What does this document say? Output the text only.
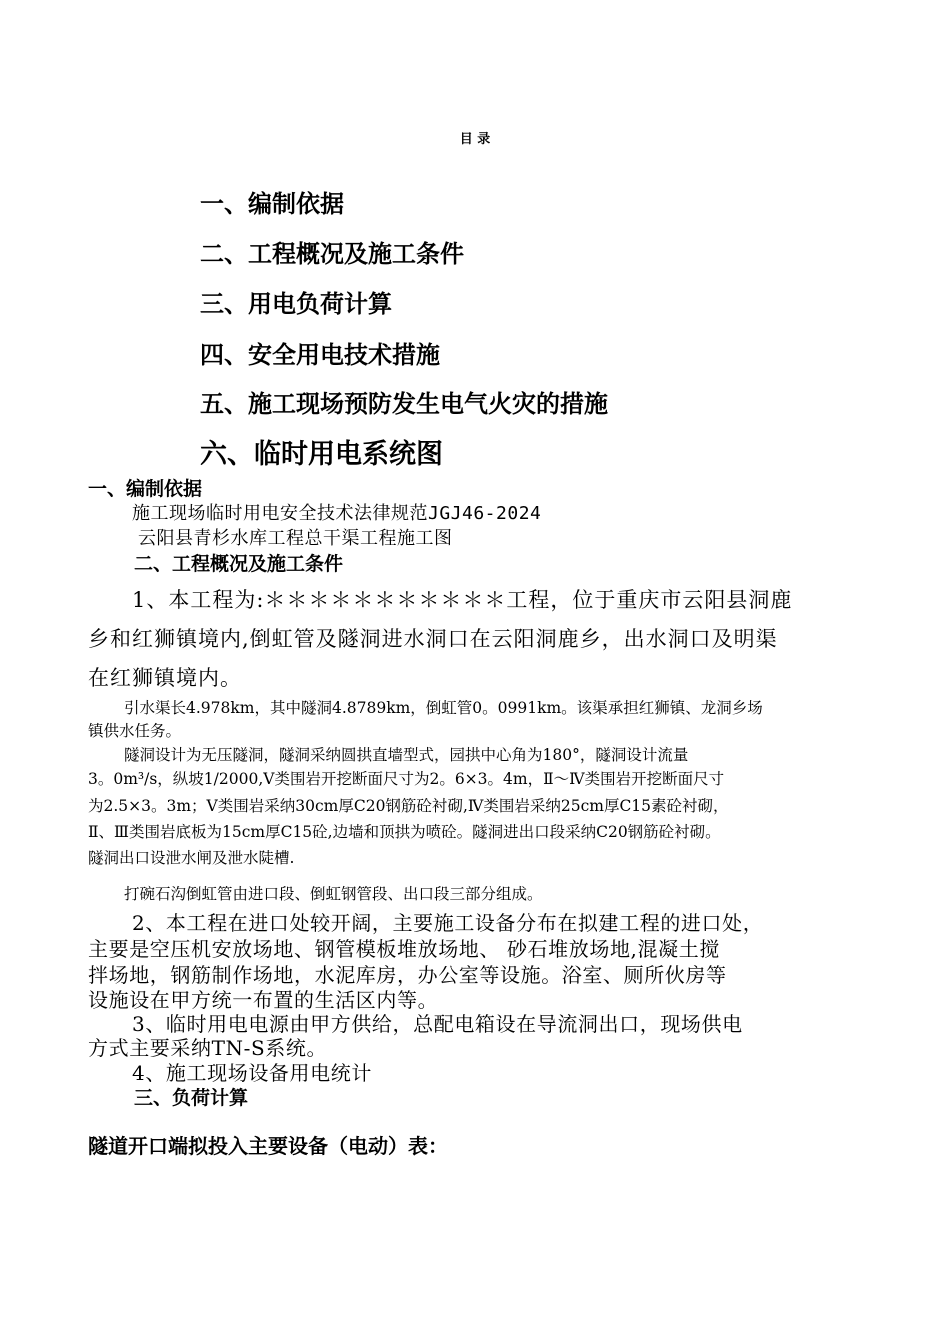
目 录
一、编制依据
二、工程概况及施工条件
三、用电负荷计算
四、安全用电技术措施
五、施工现场预防发生电气火灾的措施
六、临时用电系统图
一、编制依据
施工现场临时用电安全技术法律规范JGJ46-2024
云阳县青杉水库工程总干渠工程施工图
二、工程概况及施工条件
1、本工程为:＊＊＊＊＊＊＊＊＊＊＊工程，位于重庆市云阳县洞鹿
乡和红狮镇境内,倒虹管及隧洞进水洞口在云阳洞鹿乡，出水洞口及明渠
在红狮镇境内。
引水渠长4.978km，其中隧洞4.8789km，倒虹管0。0991km。该渠承担红狮镇、龙洞乡场
镇供水任务。
隧洞设计为无压隧洞，隧洞采纳圆拱直墙型式，园拱中心角为180°，隧洞设计流量
3。0m³/s，纵坡1/2000,Ⅴ类围岩开挖断面尺寸为2。6×3。4m，Ⅱ～Ⅳ类围岩开挖断面尺寸
为2.5×3。3m；Ⅴ类围岩采纳30cm厚C20钢筋砼衬砌,Ⅳ类围岩采纳25cm厚C15素砼衬砌，
Ⅱ、Ⅲ类围岩底板为15cm厚C15砼,边墙和顶拱为喷砼。隧洞进出口段采纳C20钢筋砼衬砌。
隧洞出口设泄水闸及泄水陡槽.
打碗石沟倒虹管由进口段、倒虹钢管段、出口段三部分组成。
2、本工程在进口处较开阔，主要施工设备分布在拟建工程的进口处，
主要是空压机安放场地、钢管模板堆放场地、 砂石堆放场地,混凝土搅
拌场地，钢筋制作场地，水泥库房，办公室等设施。浴室、厕所伙房等
设施设在甲方统一布置的生活区内等。
3、临时用电电源由甲方供给，总配电箱设在导流洞出口，现场供电
方式主要采纳TN-S系统。
4、施工现场设备用电统计
三、负荷计算
隧道开口端拟投入主要设备（电动）表：
